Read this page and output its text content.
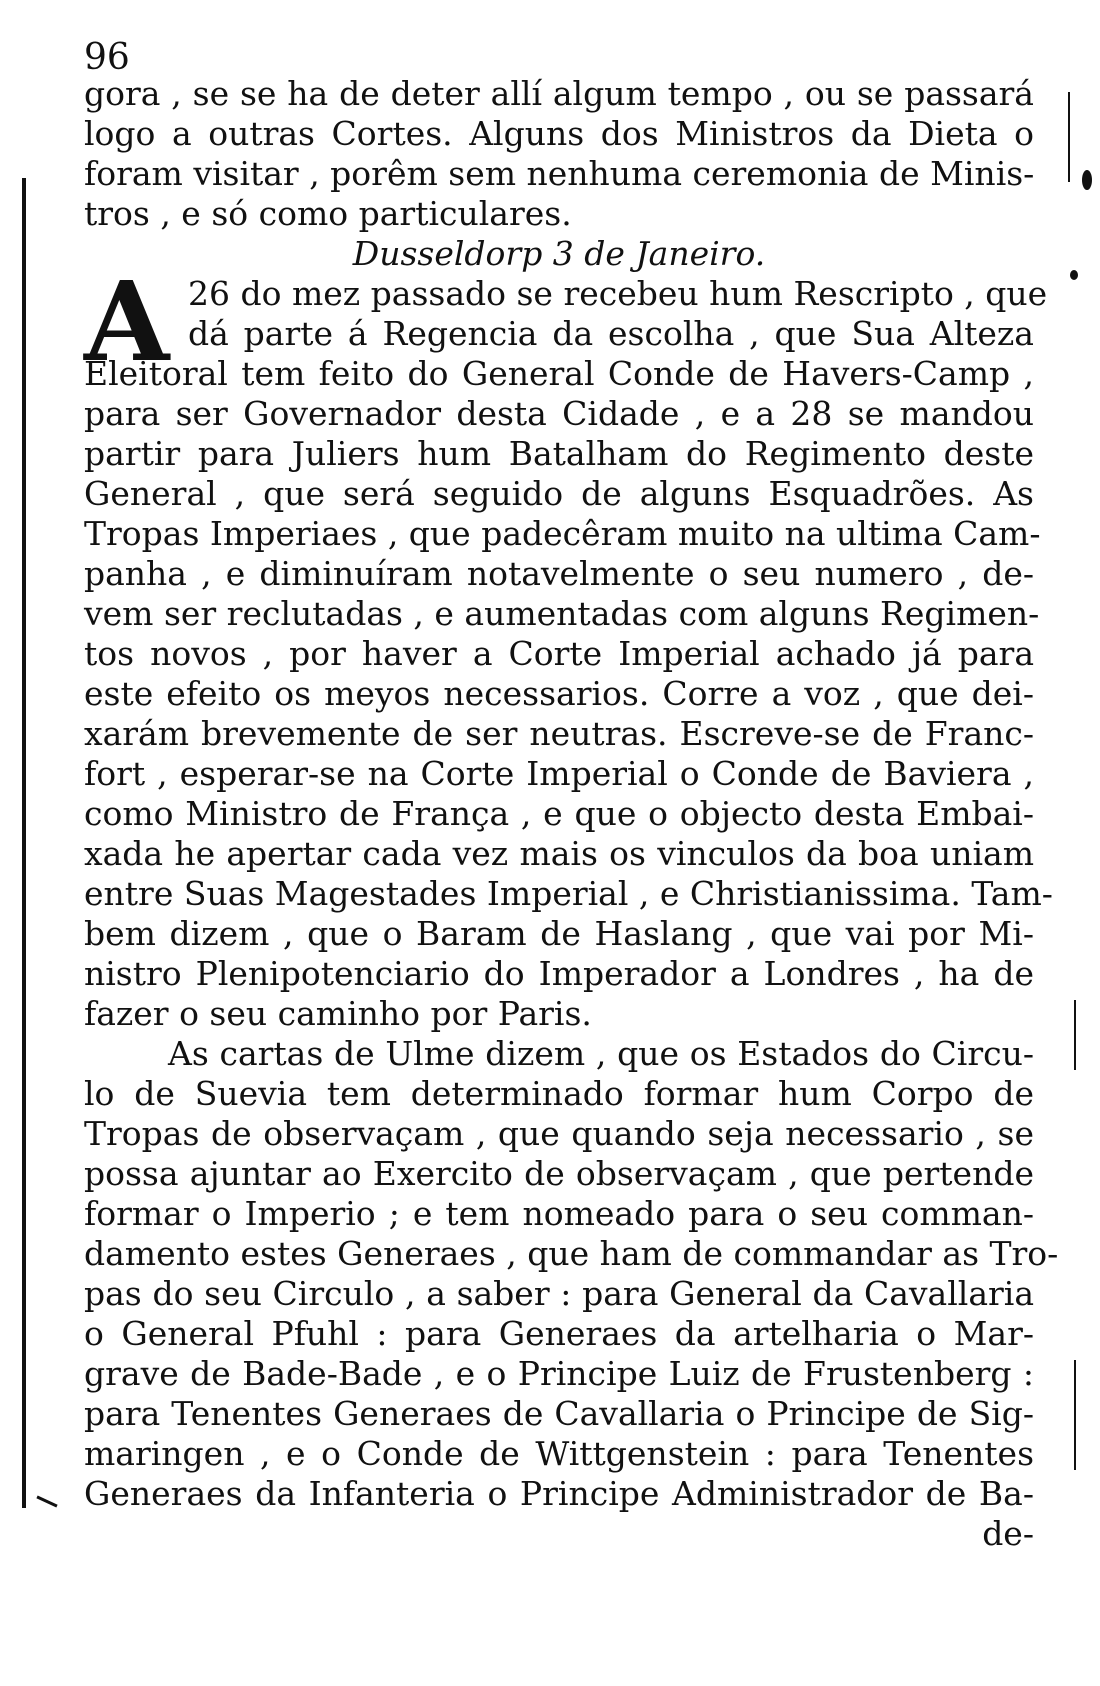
96
gora , se se ha de deter allí algum tempo , ou se passará
logo a outras Cortes. Alguns dos Ministros da Dieta o
foram visitar , porêm sem nenhuma ceremonia de Minis-
tros , e só como particulares.
Dusseldorp 3 de Janeiro.
A 26 do mez passado se recebeu hum Rescripto , que
dá parte á Regencia da escolha , que Sua Alteza
Eleitoral tem feito do General Conde de Havers-Camp ,
para ser Governador desta Cidade , e a 28 se mandou
partir para Juliers hum Batalham do Regimento deste
General , que será seguido de alguns Esquadrões. As
Tropas Imperiaes , que padecêram muito na ultima Cam-
panha , e diminuíram notavelmente o seu numero , de-
vem ser reclutadas , e aumentadas com alguns Regimen-
tos novos , por haver a Corte Imperial achado já para
este efeito os meyos necessarios. Corre a voz , que dei-
xarám brevemente de ser neutras. Escreve-se de Franc-
fort , esperar-se na Corte Imperial o Conde de Baviera ,
como Ministro de França , e que o objecto desta Embai-
xada he apertar cada vez mais os vinculos da boa uniam
entre Suas Magestades Imperial , e Christianissima. Tam-
bem dizem , que o Baram de Haslang , que vai por Mi-
nistro Plenipotenciario do Imperador a Londres , ha de
fazer o seu caminho por Paris.
As cartas de Ulme dizem , que os Estados do Circu-
lo de Suevia tem determinado formar hum Corpo de
Tropas de observaçam , que quando seja necessario , se
possa ajuntar ao Exercito de observaçam , que pertende
formar o Imperio ; e tem nomeado para o seu comman-
damento estes Generaes , que ham de commandar as Tro-
pas do seu Circulo , a saber : para General da Cavallaria
o General Pfuhl : para Generaes da artelharia o Mar-
grave de Bade-Bade , e o Principe Luiz de Frustenberg :
para Tenentes Generaes de Cavallaria o Principe de Sig-
maringen , e o Conde de Wittgenstein : para Tenentes
Generaes da Infanteria o Principe Administrador de Ba-
de-
